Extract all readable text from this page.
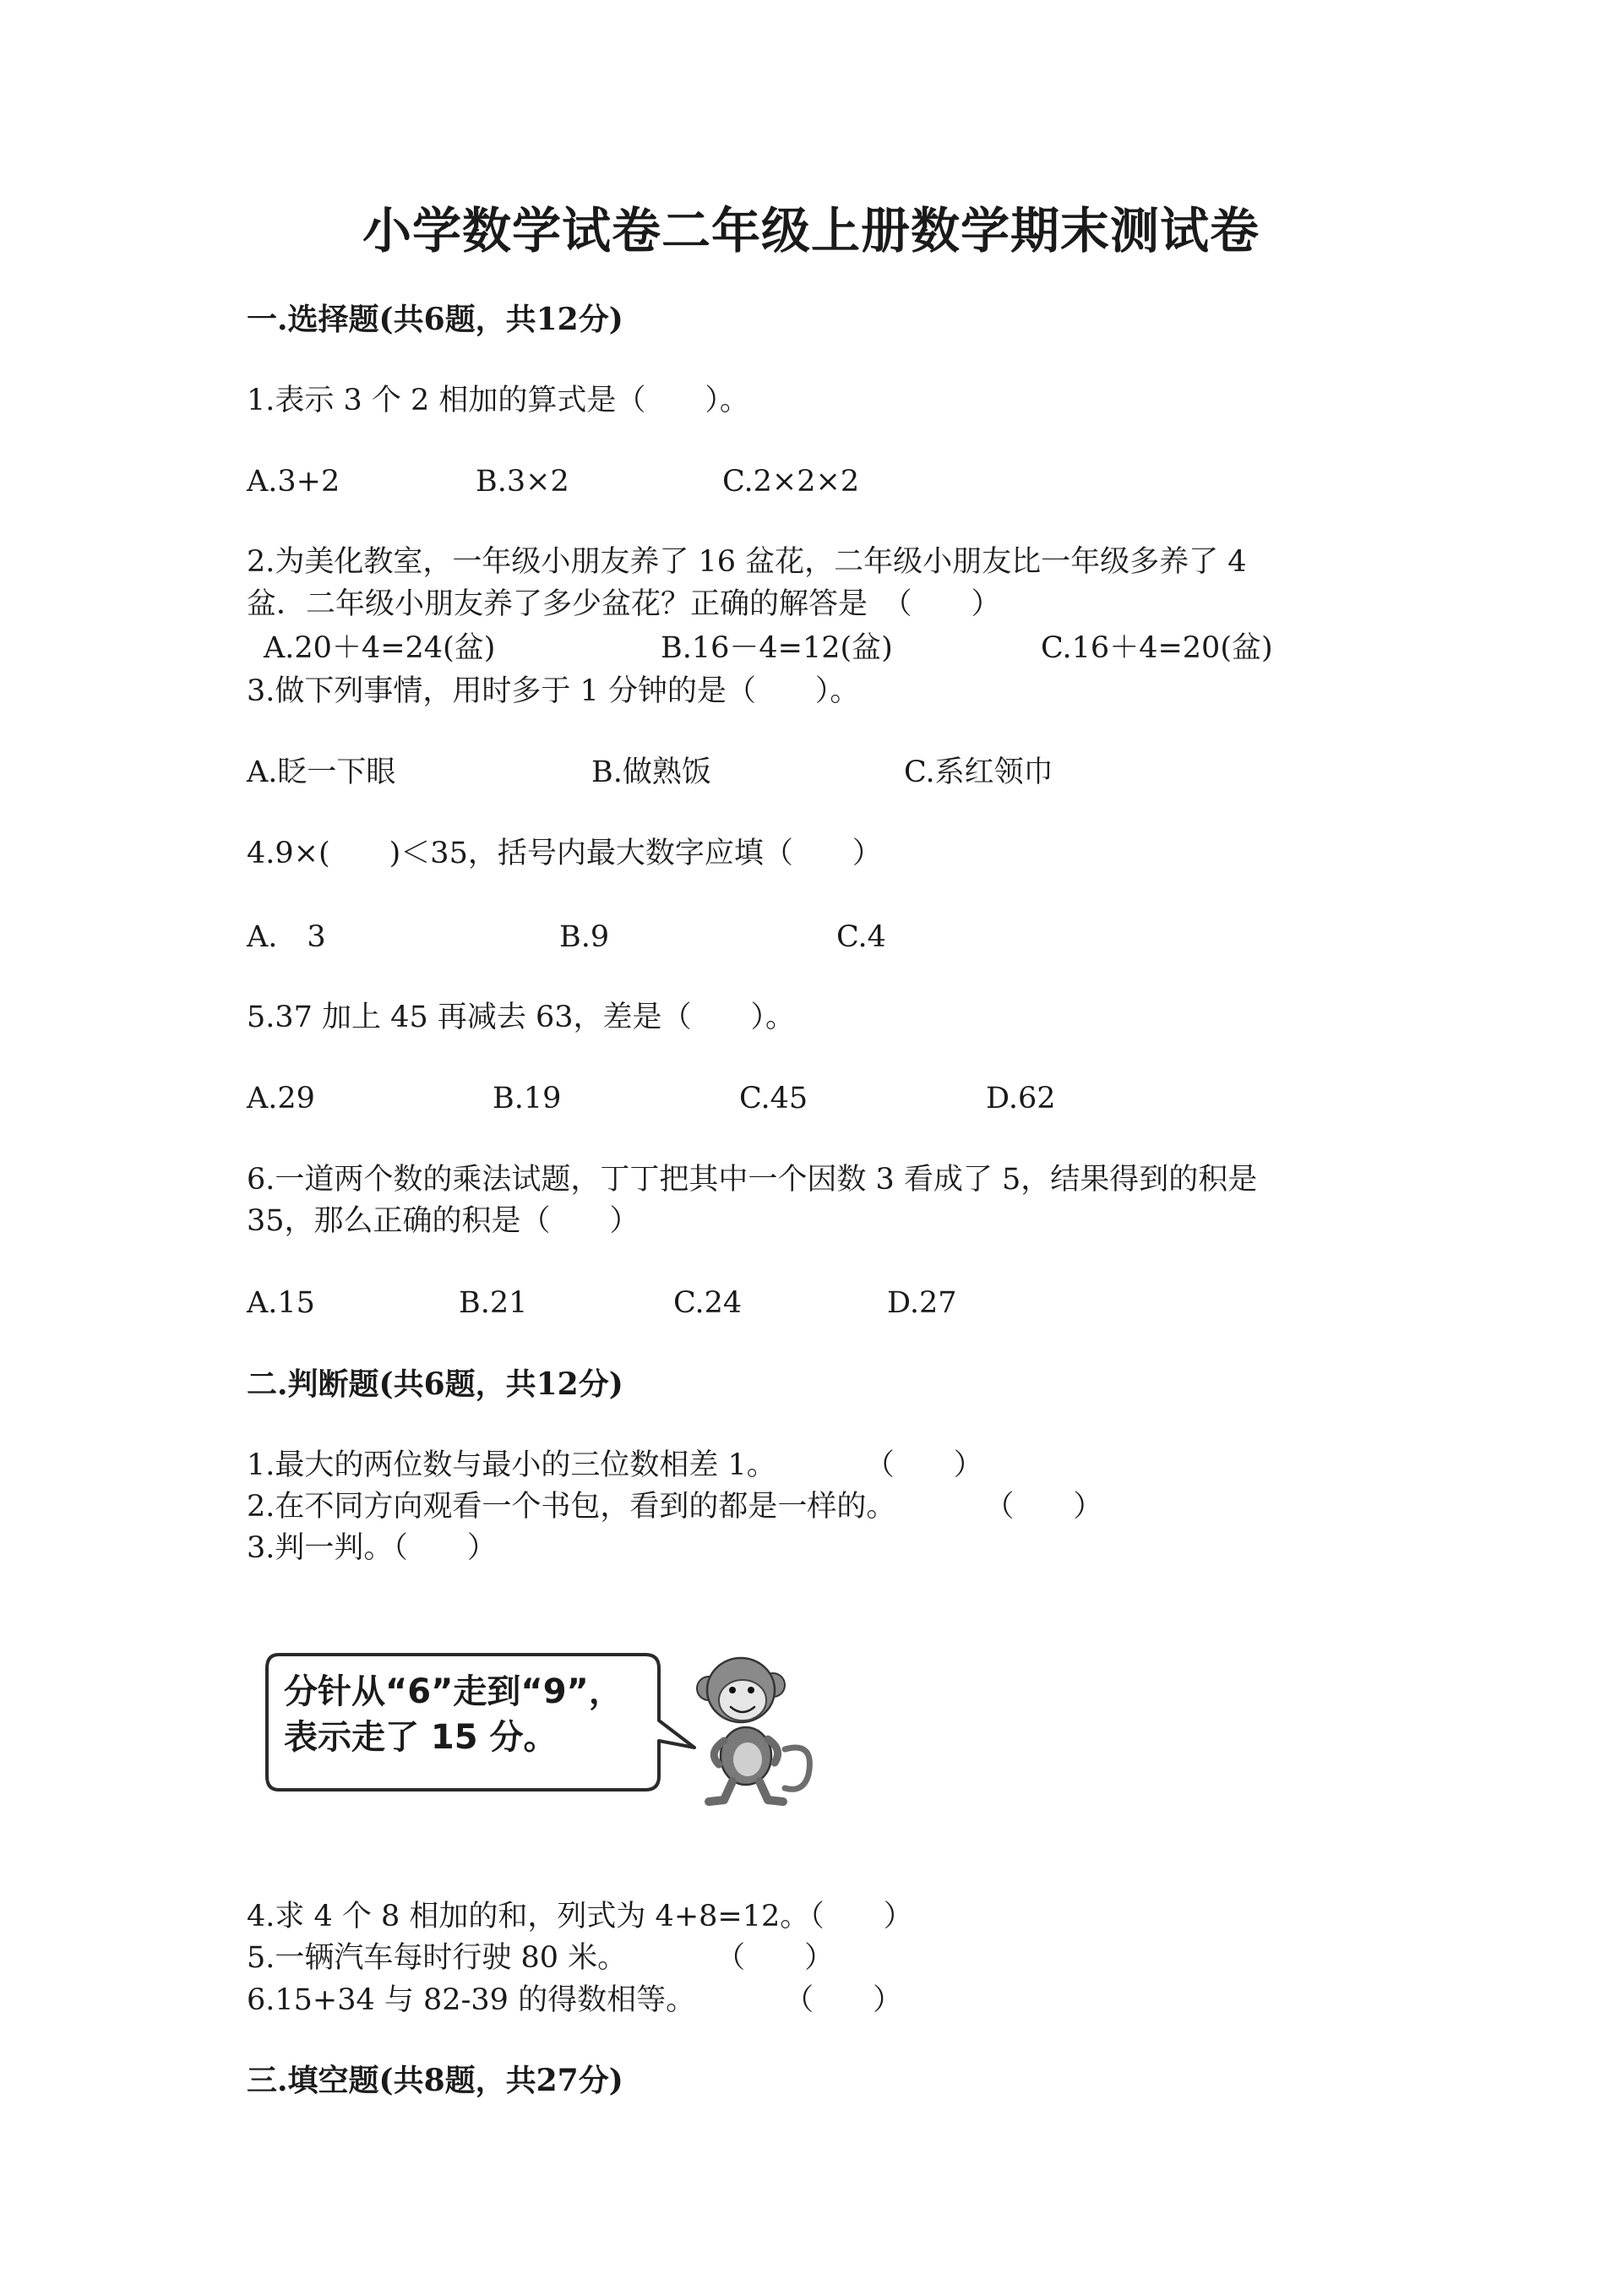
小学数学试卷二年级上册数学期末测试卷
一.选择题(共6题，共12分)
1.表示 3 个 2 相加的算式是（　　）。
A.3+2	B.3×2	C.2×2×2
2.为美化教室，一年级小朋友养了 16 盆花，二年级小朋友比一年级多养了 4
盆．二年级小朋友养了多少盆花？正确的解答是　（　　）
A.20＋4=24(盆)	B.16－4=12(盆)	C.16＋4=20(盆)
3.做下列事情，用时多于 1 分钟的是（　　）。
A.眨一下眼	B.做熟饭	C.系红领巾
4.9×(　　)＜35，括号内最大数字应填（　　）
A.　3	B.9	C.4
5.37 加上 45 再减去 63，差是（　　）。
A.29	B.19	C.45	D.62
6.一道两个数的乘法试题，丁丁把其中一个因数 3 看成了 5，结果得到的积是
35，那么正确的积是（　　）
A.15	B.21	C.24	D.27
二.判断题(共6题，共12分)
1.最大的两位数与最小的三位数相差 1。　　　　（　　）
2.在不同方向观看一个书包，看到的都是一样的。　　　　（　　）
3.判一判。（　　）
分针从“6”走到“9”，
表示走了 15 分。
4.求 4 个 8 相加的和，列式为 4+8=12。（　　）
5.一辆汽车每时行驶 80 米。　　　　（　　）
6.15+34 与 82-39 的得数相等。　　　　（　　）
三.填空题(共8题，共27分)
